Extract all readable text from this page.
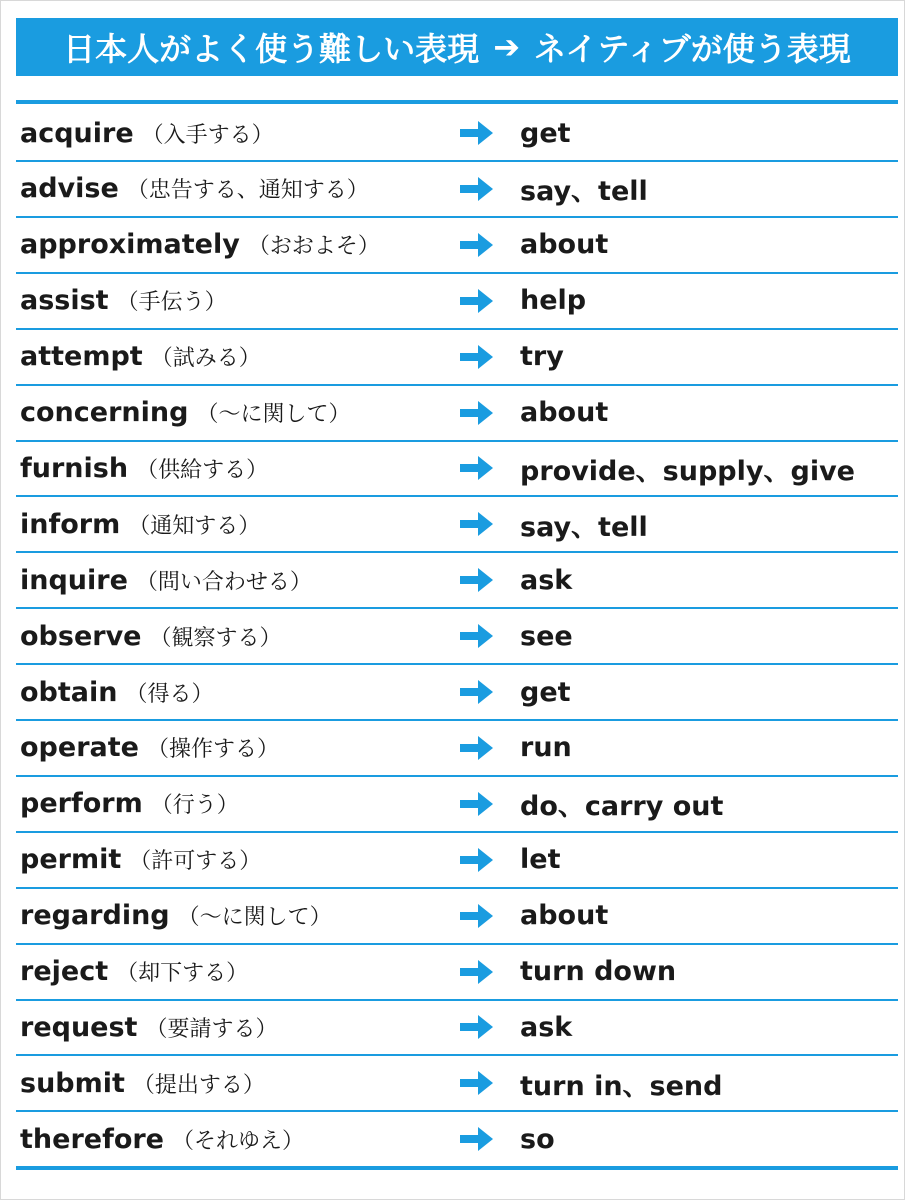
日本人がよく使う難しい表現 ➔ ネイティブが使う表現
acquire （入手する）	get
advise （忠告する、通知する）	say、tell
approximately （おおよそ）	about
assist （手伝う）	help
attempt （試みる）	try
concerning （～に関して）	about
furnish （供給する）	provide、supply、give
inform （通知する）	say、tell
inquire （問い合わせる）	ask
observe （観察する）	see
obtain （得る）	get
operate （操作する）	run
perform （行う）	do、carry out
permit （許可する）	let
regarding （～に関して）	about
reject （却下する）	turn down
request （要請する）	ask
submit （提出する）	turn in、send
therefore （それゆえ）	so
